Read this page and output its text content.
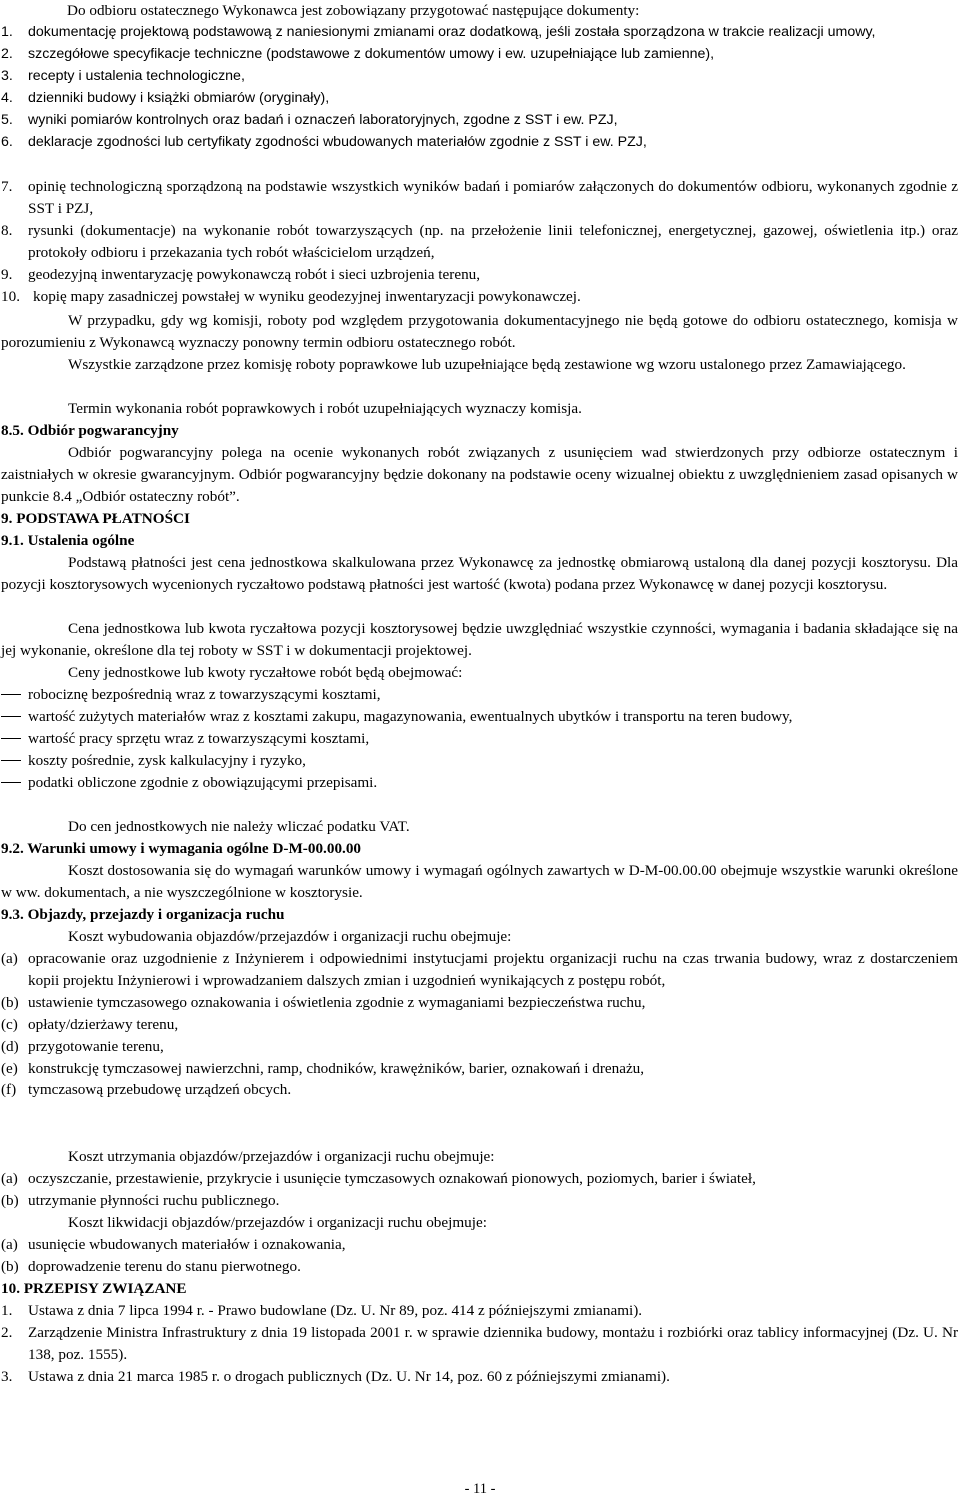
Do odbioru ostatecznego Wykonawca jest zobowiązany przygotować następujące dokumenty:
1.	dokumentację projektową podstawową z naniesionymi zmianami oraz dodatkową, jeśli została sporządzona w trakcie realizacji umowy,
2.	szczegółowe specyfikacje techniczne (podstawowe z dokumentów umowy i ew. uzupełniające lub zamienne),
3.	recepty i ustalenia technologiczne,
4.	dzienniki budowy i książki obmiarów (oryginały),
5.	wyniki pomiarów kontrolnych oraz badań i oznaczeń laboratoryjnych, zgodne z SST i ew. PZJ,
6.	deklaracje zgodności lub certyfikaty zgodności wbudowanych materiałów zgodnie z SST i ew. PZJ,
7.	opinię technologiczną sporządzoną na podstawie wszystkich wyników badań i pomiarów załączonych do dokumentów odbioru, wykonanych zgodnie z SST i PZJ,
8.	rysunki (dokumentacje) na wykonanie robót towarzyszących (np. na przełożenie linii telefonicznej, energetycznej, gazowej, oświetlenia itp.) oraz protokoły odbioru i przekazania tych robót właścicielom urządzeń,
9.	geodezyjną inwentaryzację powykonawczą robót i sieci uzbrojenia terenu,
10. kopię mapy zasadniczej powstałej w wyniku geodezyjnej inwentaryzacji powykonawczej.
W przypadku, gdy wg komisji, roboty pod względem przygotowania dokumentacyjnego nie będą gotowe do odbioru ostatecznego, komisja w porozumieniu z Wykonawcą wyznaczy ponowny termin odbioru ostatecznego robót.
Wszystkie zarządzone przez komisję roboty poprawkowe lub uzupełniające będą zestawione wg wzoru ustalonego przez Zamawiającego.
Termin wykonania robót poprawkowych i robót uzupełniających wyznaczy komisja.
8.5. Odbiór pogwarancyjny
Odbiór pogwarancyjny polega na ocenie wykonanych robót związanych z usunięciem wad stwierdzonych przy odbiorze ostatecznym i zaistniałych w okresie gwarancyjnym. Odbiór pogwarancyjny będzie dokonany na podstawie oceny wizualnej obiektu z uwzględnieniem zasad opisanych w punkcie 8.4 „Odbiór ostateczny robót”.
9. PODSTAWA PŁATNOŚCI
9.1. Ustalenia ogólne
Podstawą płatności jest cena jednostkowa skalkulowana przez Wykonawcę za jednostkę obmiarową ustaloną dla danej pozycji kosztorysu. Dla pozycji kosztorysowych wycenionych ryczałtowo podstawą płatności jest wartość (kwota) podana przez Wykonawcę w danej pozycji kosztorysu.
Cena jednostkowa lub kwota ryczałtowa pozycji kosztorysowej będzie uwzględniać wszystkie czynności, wymagania i badania składające się na jej wykonanie, określone dla tej roboty w SST i w dokumentacji projektowej.
Ceny jednostkowe lub kwoty ryczałtowe robót będą obejmować:
robociznę bezpośrednią wraz z towarzyszącymi kosztami,
wartość zużytych materiałów wraz z kosztami zakupu, magazynowania, ewentualnych ubytków i transportu na teren budowy,
wartość pracy sprzętu wraz z towarzyszącymi kosztami,
koszty pośrednie, zysk kalkulacyjny i ryzyko,
podatki obliczone zgodnie z obowiązującymi przepisami.
Do cen jednostkowych nie należy wliczać podatku VAT.
9.2. Warunki umowy i wymagania ogólne D-M-00.00.00
Koszt dostosowania się do wymagań warunków umowy i wymagań ogólnych zawartych w D-M-00.00.00 obejmuje wszystkie warunki określone w ww. dokumentach, a nie wyszczególnione w kosztorysie.
9.3. Objazdy, przejazdy i organizacja ruchu
Koszt wybudowania objazdów/przejazdów i organizacji ruchu obejmuje:
(a) opracowanie oraz uzgodnienie z Inżynierem i odpowiednimi instytucjami projektu organizacji ruchu na czas trwania budowy, wraz z dostarczeniem kopii projektu Inżynierowi i wprowadzaniem dalszych zmian i uzgodnień wynikających z postępu robót,
(b) ustawienie tymczasowego oznakowania i oświetlenia zgodnie z wymaganiami bezpieczeństwa ruchu,
(c) opłaty/dzierżawy terenu,
(d) przygotowanie terenu,
(e) konstrukcję tymczasowej nawierzchni, ramp, chodników, krawężników, barier, oznakowań i drenażu,
(f) tymczasową przebudowę urządzeń obcych.
Koszt utrzymania objazdów/przejazdów i organizacji ruchu obejmuje:
(a) oczyszczanie, przestawienie, przykrycie i usunięcie tymczasowych oznakowań pionowych, poziomych, barier i świateł,
(b) utrzymanie płynności ruchu publicznego.
Koszt likwidacji objazdów/przejazdów i organizacji ruchu obejmuje:
(a) usunięcie wbudowanych materiałów i oznakowania,
(b) doprowadzenie terenu do stanu pierwotnego.
10. PRZEPISY ZWIĄZANE
1.	Ustawa z dnia 7 lipca 1994 r. - Prawo budowlane (Dz. U. Nr 89, poz. 414 z późniejszymi zmianami).
2.	Zarządzenie Ministra Infrastruktury z dnia 19 listopada 2001 r. w sprawie dziennika budowy, montażu i rozbiórki oraz tablicy informacyjnej (Dz. U. Nr 138, poz. 1555).
3.	Ustawa z dnia 21 marca 1985 r. o drogach publicznych (Dz. U. Nr 14, poz. 60 z późniejszymi zmianami).
- 11 -
